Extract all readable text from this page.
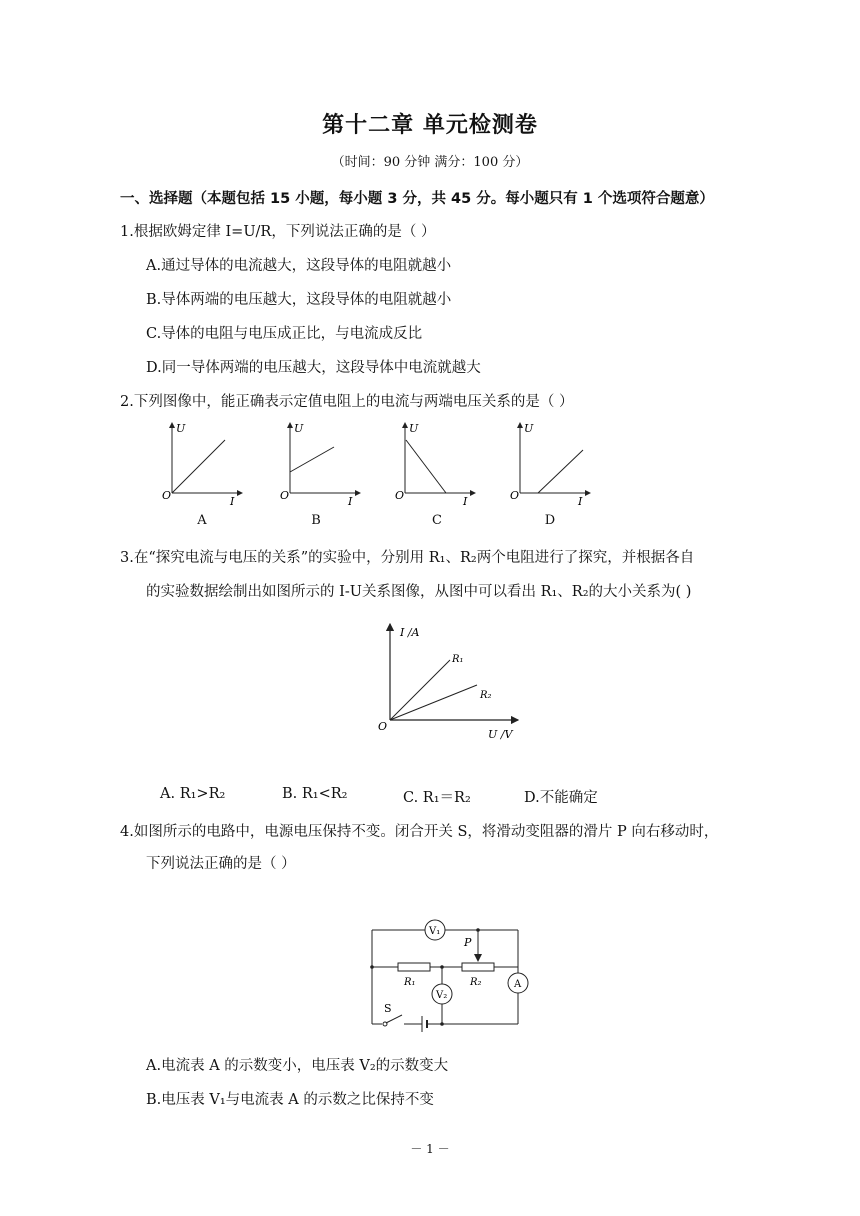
第十二章 单元检测卷
（时间：90 分钟 满分：100 分）
一、选择题（本题包括 15 小题，每小题 3 分，共 45 分。每小题只有 1 个选项符合题意）
1.根据欧姆定律 I=U/R，下列说法正确的是（ ）
A.通过导体的电流越大，这段导体的电阻就越小
B.导体两端的电压越大，这段导体的电阻就越小
C.导体的电阻与电压成正比，与电流成反比
D.同一导体两端的电压越大，这段导体中电流就越大
2.下列图像中，能正确表示定值电阻上的电流与两端电压关系的是（ ）
U
I
O
U
I
O
U
I
O
U
I
O
A	B	C	D
3.在“探究电流与电压的关系”的实验中，分别用 R₁、R₂两个电阻进行了探究，并根据各自
的实验数据绘制出如图所示的 I-U关系图像，从图中可以看出 R₁、R₂的大小关系为( )
I /A
U /V
O
R₁
R₂
A. R₁>R₂	B. R₁<R₂	C. R₁＝R₂	D.不能确定
4.如图所示的电路中，电源电压保持不变。闭合开关 S，将滑动变阻器的滑片 P 向右移动时，
下列说法正确的是（ ）
S
V₁
R₁	R₂
P
V₂
A
A.电流表 A 的示数变小，电压表 V₂的示数变大
B.电压表 V₁与电流表 A 的示数之比保持不变
－ 1 －
